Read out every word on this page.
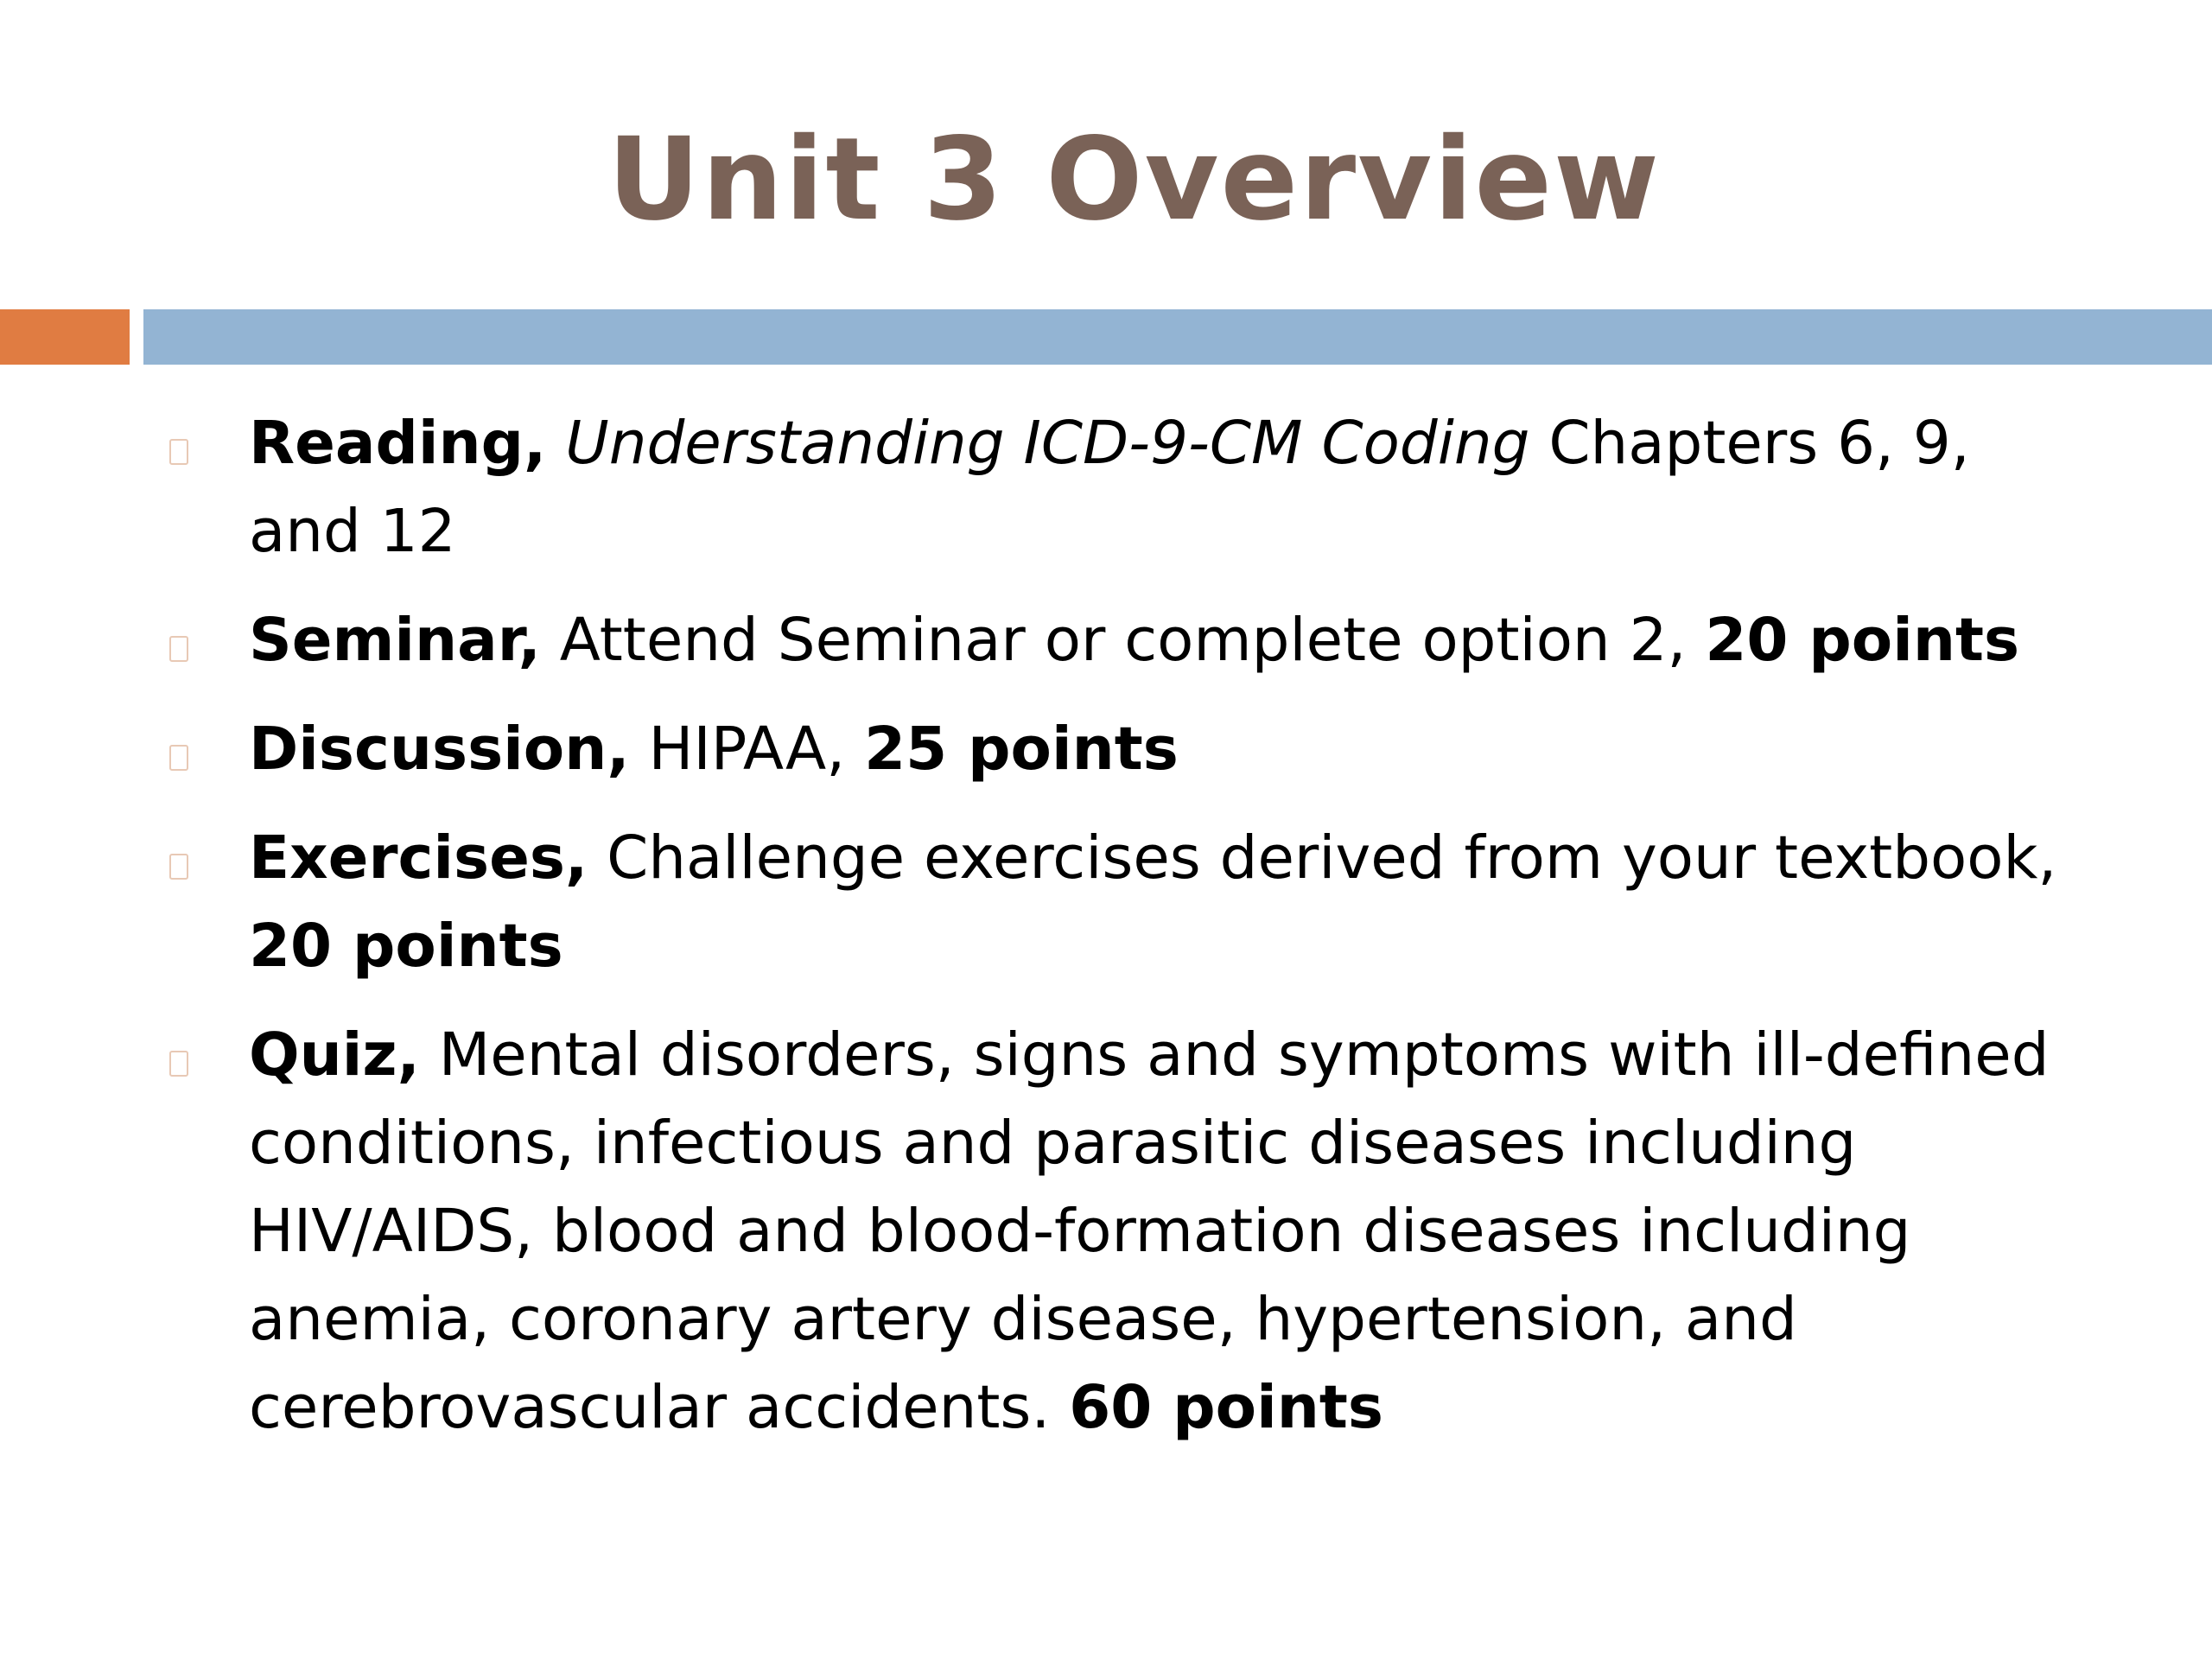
Unit 3 Overview
Reading, Understanding ICD-9-CM Coding Chapters 6, 9, and 12
Seminar, Attend Seminar or complete option 2, 20 points
Discussion, HIPAA, 25 points
Exercises, Challenge exercises derived from your textbook, 20 points
Quiz, Mental disorders, signs and symptoms with ill-defined conditions, infectious and parasitic diseases including HIV/AIDS, blood and blood-formation diseases including anemia, coronary artery disease, hypertension, and cerebrovascular accidents. 60 points
